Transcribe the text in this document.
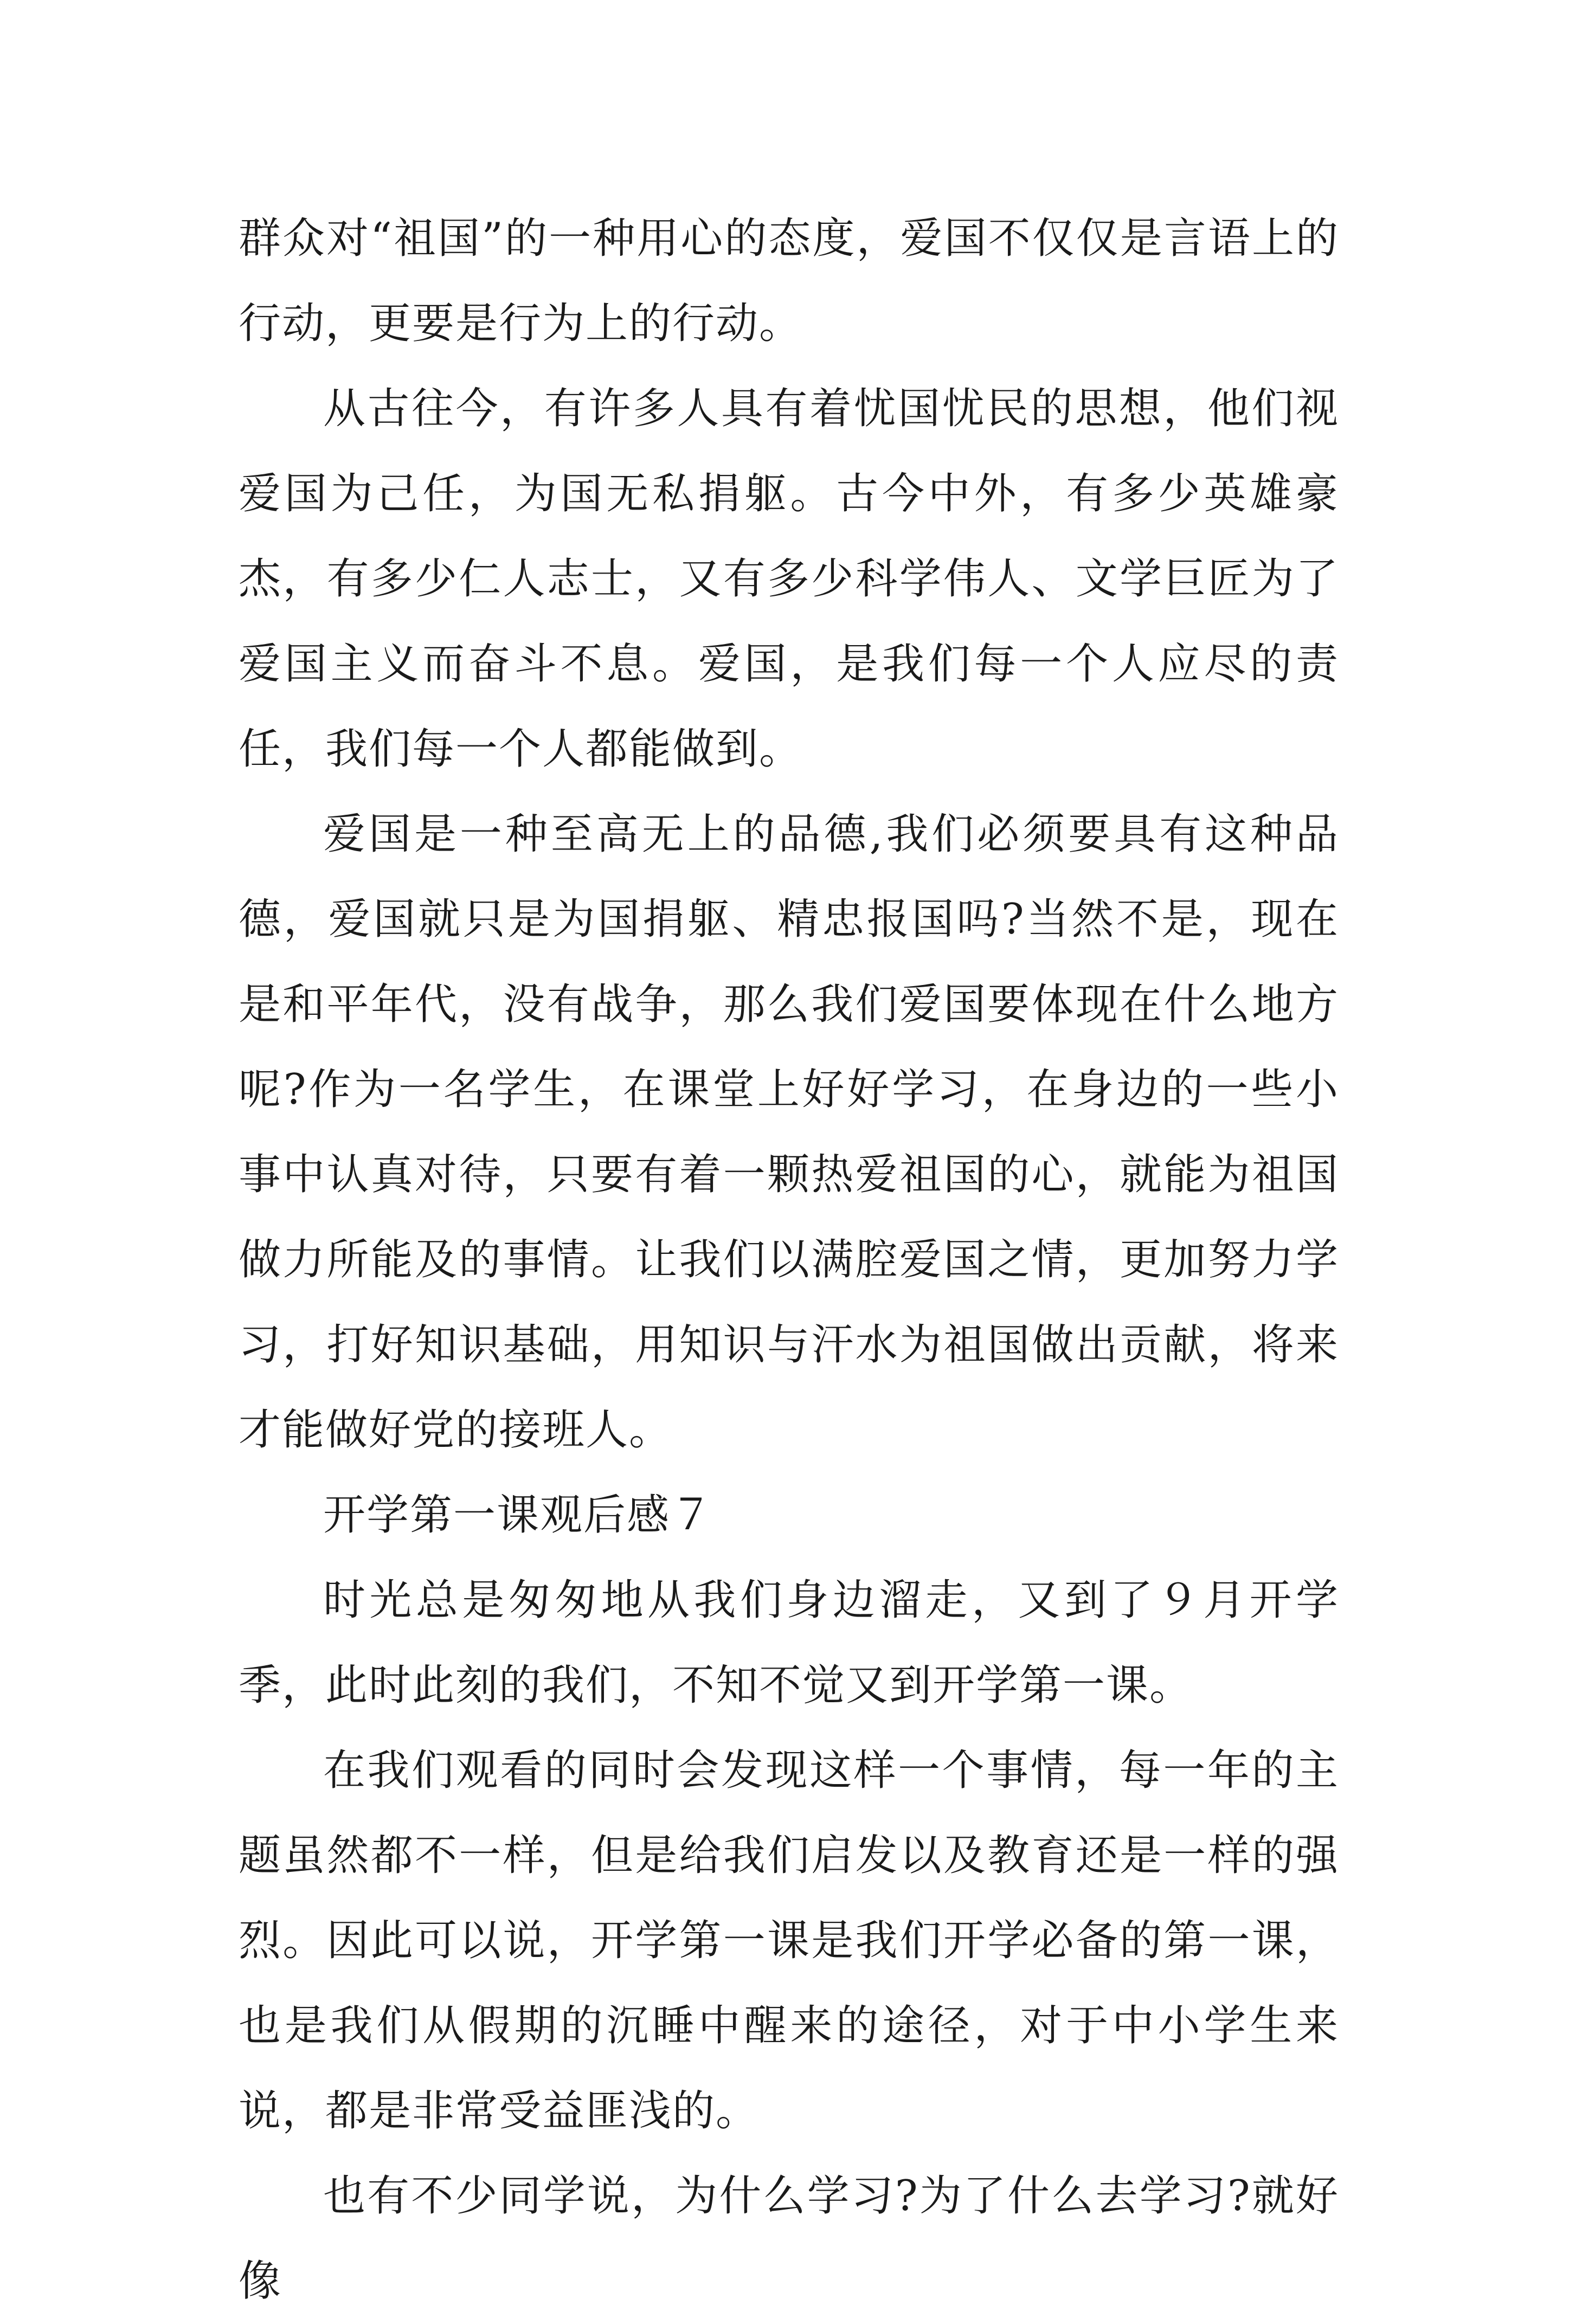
群众对“祖国”的一种用心的态度，爱国不仅仅是言语上的行动，更要是行为上的行动。

从古往今，有许多人具有着忧国忧民的思想，他们视爱国为己任，为国无私捐躯。古今中外，有多少英雄豪杰，有多少仁人志士，又有多少科学伟人、文学巨匠为了爱国主义而奋斗不息。爱国，是我们每一个人应尽的责任，我们每一个人都能做到。

爱国是一种至高无上的品德,我们必须要具有这种品德，爱国就只是为国捐躯、精忠报国吗?当然不是，现在是和平年代，没有战争，那么我们爱国要体现在什么地方呢?作为一名学生，在课堂上好好学习，在身边的一些小事中认真对待，只要有着一颗热爱祖国的心，就能为祖国做力所能及的事情。让我们以满腔爱国之情，更加努力学习，打好知识基础，用知识与汗水为祖国做出贡献，将来才能做好党的接班人。

开学第一课观后感７

时光总是匆匆地从我们身边溜走，又到了９月开学季，此时此刻的我们，不知不觉又到开学第一课。

在我们观看的同时会发现这样一个事情，每一年的主题虽然都不一样，但是给我们启发以及教育还是一样的强烈。因此可以说，开学第一课是我们开学必备的第一课，也是我们从假期的沉睡中醒来的途径，对于中小学生来说，都是非常受益匪浅的。

也有不少同学说，为什么学习?为了什么去学习?就好像
